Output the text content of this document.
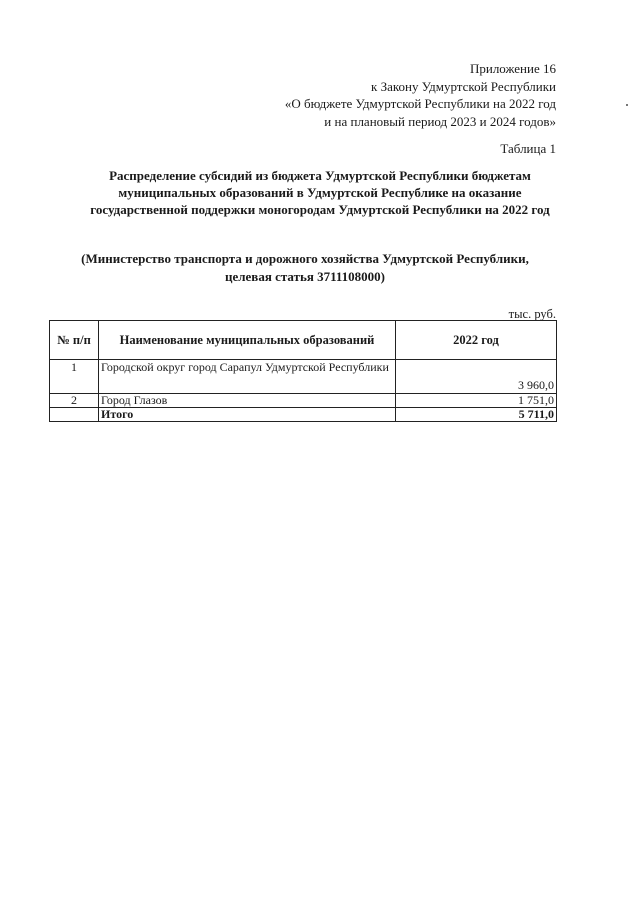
Приложение 16
к Закону Удмуртской Республики
«О бюджете Удмуртской Республики на 2022 год
и на плановый период 2023 и 2024 годов»
Таблица 1
Распределение субсидий из бюджета Удмуртской Республики бюджетам муниципальных образований в Удмуртской Республике на оказание государственной поддержки моногородам Удмуртской Республики на 2022 год
(Министерство транспорта и дорожного хозяйства Удмуртской Республики,
целевая статья 3711108000)
тыс. руб.
№ п/п	Наименование муниципальных образований	2022 год
1	Городской округ город Сарапул Удмуртской Республики	3 960,0
2	Город Глазов	1 751,0
	Итого	5 711,0
